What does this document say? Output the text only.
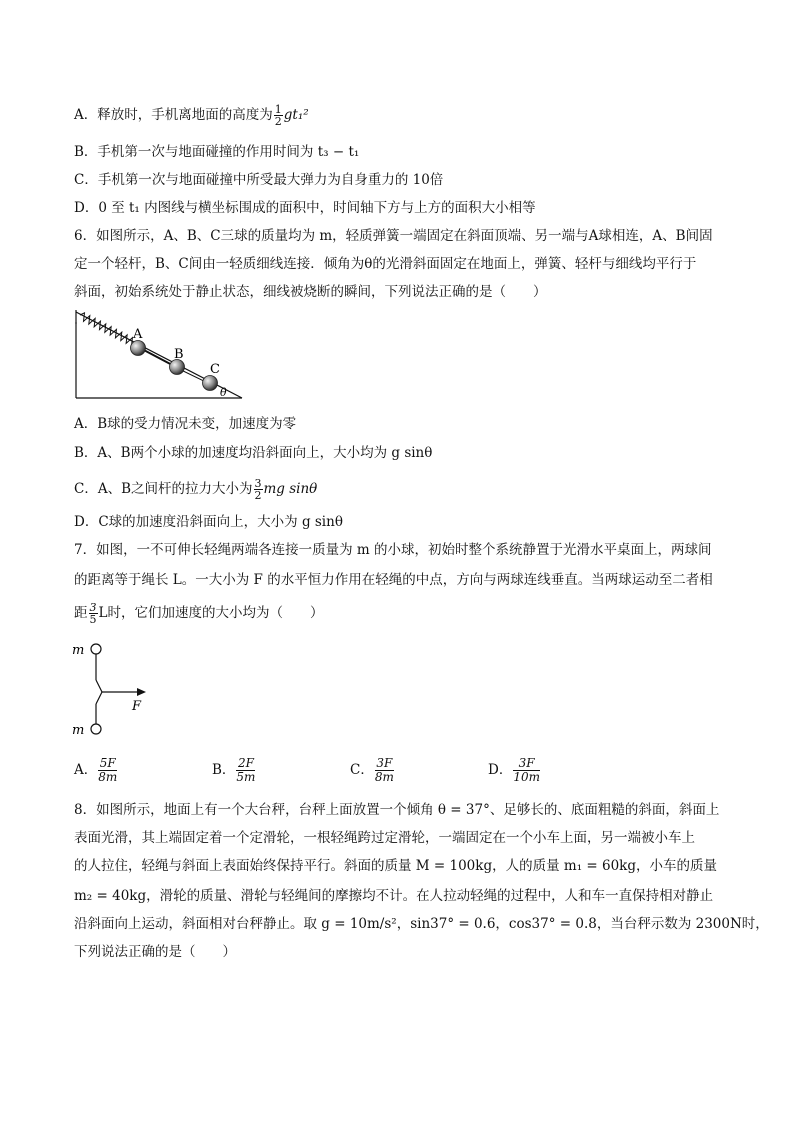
A．释放时，手机离地面的高度为 $\frac{1}{2} gt_1^2$
B．手机第一次与地面碰撞的作用时间为 t₃ − t₁
C．手机第一次与地面碰撞中所受最大弹力为自身重力的 10倍
D．0 至 t₁ 内图线与横坐标围成的面积中，时间轴下方与上方的面积大小相等
6．如图所示，A、B、C三球的质量均为 m，轻质弹簧一端固定在斜面顶端、另一端与A球相连，A、B间固
定一个轻杆，B、C间由一轻质细线连接．倾角为θ的光滑斜面固定在地面上，弹簧、轻杆与细线均平行于
斜面，初始系统处于静止状态，细线被烧断的瞬间，下列说法正确的是（　　）
A
B
C
θ
A．B球的受力情况未变，加速度为零
B．A、B两个小球的加速度均沿斜面向上，大小均为 g sinθ
C．A、B之间杆的拉力大小为 $\frac{3}{2}$ mg sinθ
D．C球的加速度沿斜面向上，大小为 g sinθ
7．如图，一不可伸长轻绳两端各连接一质量为 m 的小球，初始时整个系统静置于光滑水平桌面上，两球间
的距离等于绳长 L。一大小为 F 的水平恒力作用在轻绳的中点，方向与两球连线垂直。当两球运动至二者相
距 $\frac{3}{5}$ L时，它们加速度的大小均为（　　）
m
m
F
A． $\frac{5F}{8m}$	B． $\frac{2F}{5m}$	C． $\frac{3F}{8m}$	D． $\frac{3F}{10m}$
8．如图所示，地面上有一个大台秤，台秤上面放置一个倾角 θ = 37°、足够长的、底面粗糙的斜面，斜面上
表面光滑，其上端固定着一个定滑轮，一根轻绳跨过定滑轮，一端固定在一个小车上面，另一端被小车上
的人拉住，轻绳与斜面上表面始终保持平行。斜面的质量 M = 100kg，人的质量 m₁ = 60kg，小车的质量
m₂ = 40kg，滑轮的质量、滑轮与轻绳间的摩擦均不计。在人拉动轻绳的过程中，人和车一直保持相对静止
沿斜面向上运动，斜面相对台秤静止。取 g = 10m/s²，sin37° = 0.6，cos37° = 0.8，当台秤示数为 2300N时，
下列说法正确的是（　　）
